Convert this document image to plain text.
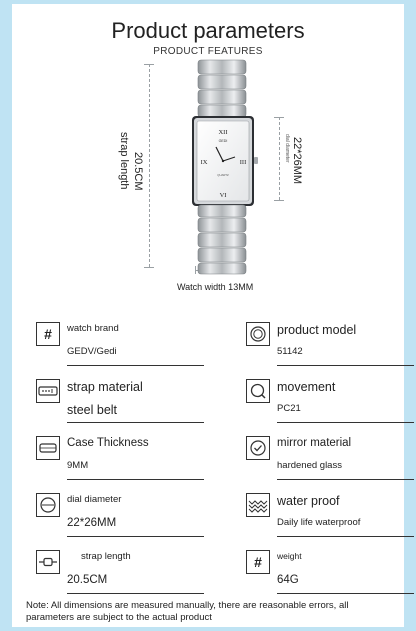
Product parameters
PRODUCT FEATURES
20.5CM
strap length	22*26MM
dial diameter
Watch width 13MM
XII
III
VI
IX
GEDI
QUARTZ
#	watch brand
GEDV/Gedi
product model
51142
strap material
steel belt
movement
PC21
Case Thickness
9MM
mirror material
hardened glass
dial diameter
22*26MM
water proof
Daily life waterproof
strap length
20.5CM
#	weight
64G
Note: All dimensions are measured manually, there are reasonable errors, all parameters are subject to the actual product
